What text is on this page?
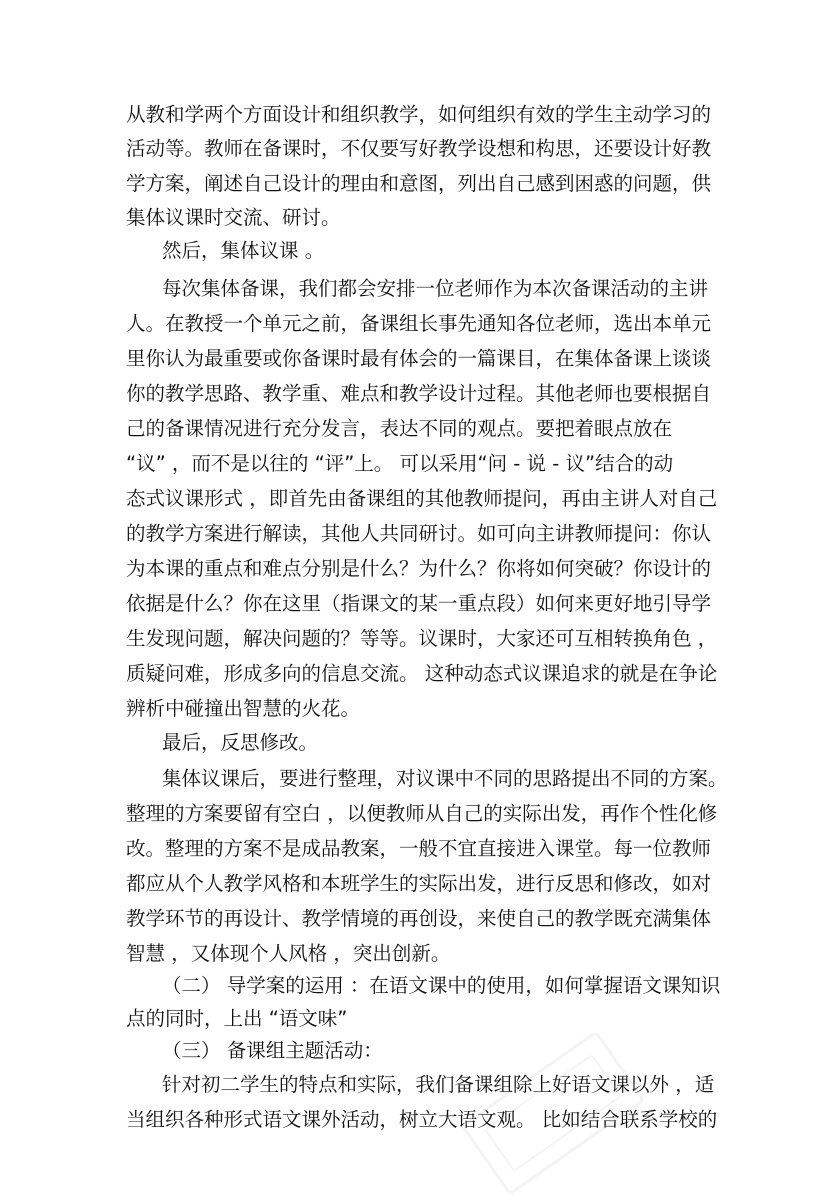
从教和学两个方面设计和组织教学，如何组织有效的学生主动学习的
活动等。教师在备课时，不仅要写好教学设想和构思，还要设计好教
学方案，阐述自己设计的理由和意图，列出自己感到困惑的问题，供
集体议课时交流、研讨。
然后，集体议课 。
每次集体备课，我们都会安排一位老师作为本次备课活动的主讲
人。在教授一个单元之前，备课组长事先通知各位老师，选出本单元
里你认为最重要或你备课时最有体会的一篇课目，在集体备课上谈谈
你的教学思路、教学重、难点和教学设计过程。其他老师也要根据自
己的备课情况进行充分发言，表达不同的观点。要把着眼点放在
“议” ，而不是以往的 “评”上。 可以采用“问 - 说 - 议”结合的动
态式议课形式 ，即首先由备课组的其他教师提问，再由主讲人对自己
的教学方案进行解读，其他人共同研讨。如可向主讲教师提问：你认
为本课的重点和难点分别是什么？为什么？你将如何突破？你设计的
依据是什么？你在这里（指课文的某一重点段）如何来更好地引导学
生发现问题，解决问题的？等等。议课时，大家还可互相转换角色 ，
质疑问难，形成多向的信息交流。 这种动态式议课追求的就是在争论
辨析中碰撞出智慧的火花。
最后，反思修改。
集体议课后，要进行整理，对议课中不同的思路提出不同的方案。
整理的方案要留有空白 ，以便教师从自己的实际出发，再作个性化修
改。整理的方案不是成品教案，一般不宜直接进入课堂。每一位教师
都应从个人教学风格和本班学生的实际出发，进行反思和修改，如对
教学环节的再设计、教学情境的再创设，来使自己的教学既充满集体
智慧 ，又体现个人风格 ，突出创新。
（二） 导学案的运用 ：在语文课中的使用，如何掌握语文课知识
点的同时，上出 “语文味”
（三） 备课组主题活动：
针对初二学生的特点和实际，我们备课组除上好语文课以外 ，适
当组织各种形式语文课外活动，树立大语文观。 比如结合联系学校的
